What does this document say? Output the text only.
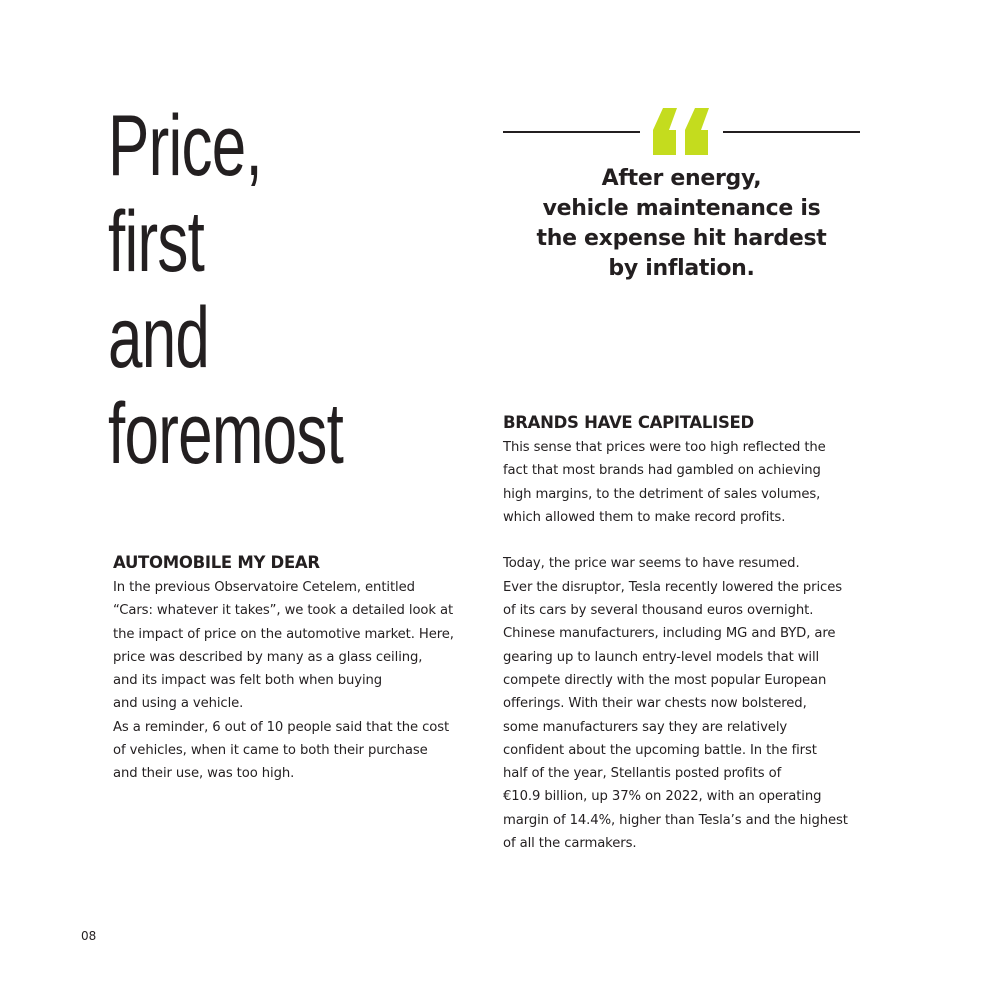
Price,
first
and
foremost
After energy,
vehicle maintenance is
the expense hit hardest
by inflation.
BRANDS HAVE CAPITALISED
This sense that prices were too high reflected the
fact that most brands had gambled on achieving
high margins, to the detriment of sales volumes,
which allowed them to make record profits.
Today, the price war seems to have resumed.
Ever the disruptor, Tesla recently lowered the prices
of its cars by several thousand euros overnight.
Chinese manufacturers, including MG and BYD, are
gearing up to launch entry-level models that will
compete directly with the most popular European
offerings. With their war chests now bolstered,
some manufacturers say they are relatively
confident about the upcoming battle. In the first
half of the year, Stellantis posted profits of
€10.9 billion, up 37% on 2022, with an operating
margin of 14.4%, higher than Tesla’s and the highest
of all the carmakers.
AUTOMOBILE MY DEAR
In the previous Observatoire Cetelem, entitled
“Cars: whatever it takes”, we took a detailed look at
the impact of price on the automotive market. Here,
price was described by many as a glass ceiling,
and its impact was felt both when buying
and using a vehicle.
As a reminder, 6 out of 10 people said that the cost
of vehicles, when it came to both their purchase
and their use, was too high.
08
